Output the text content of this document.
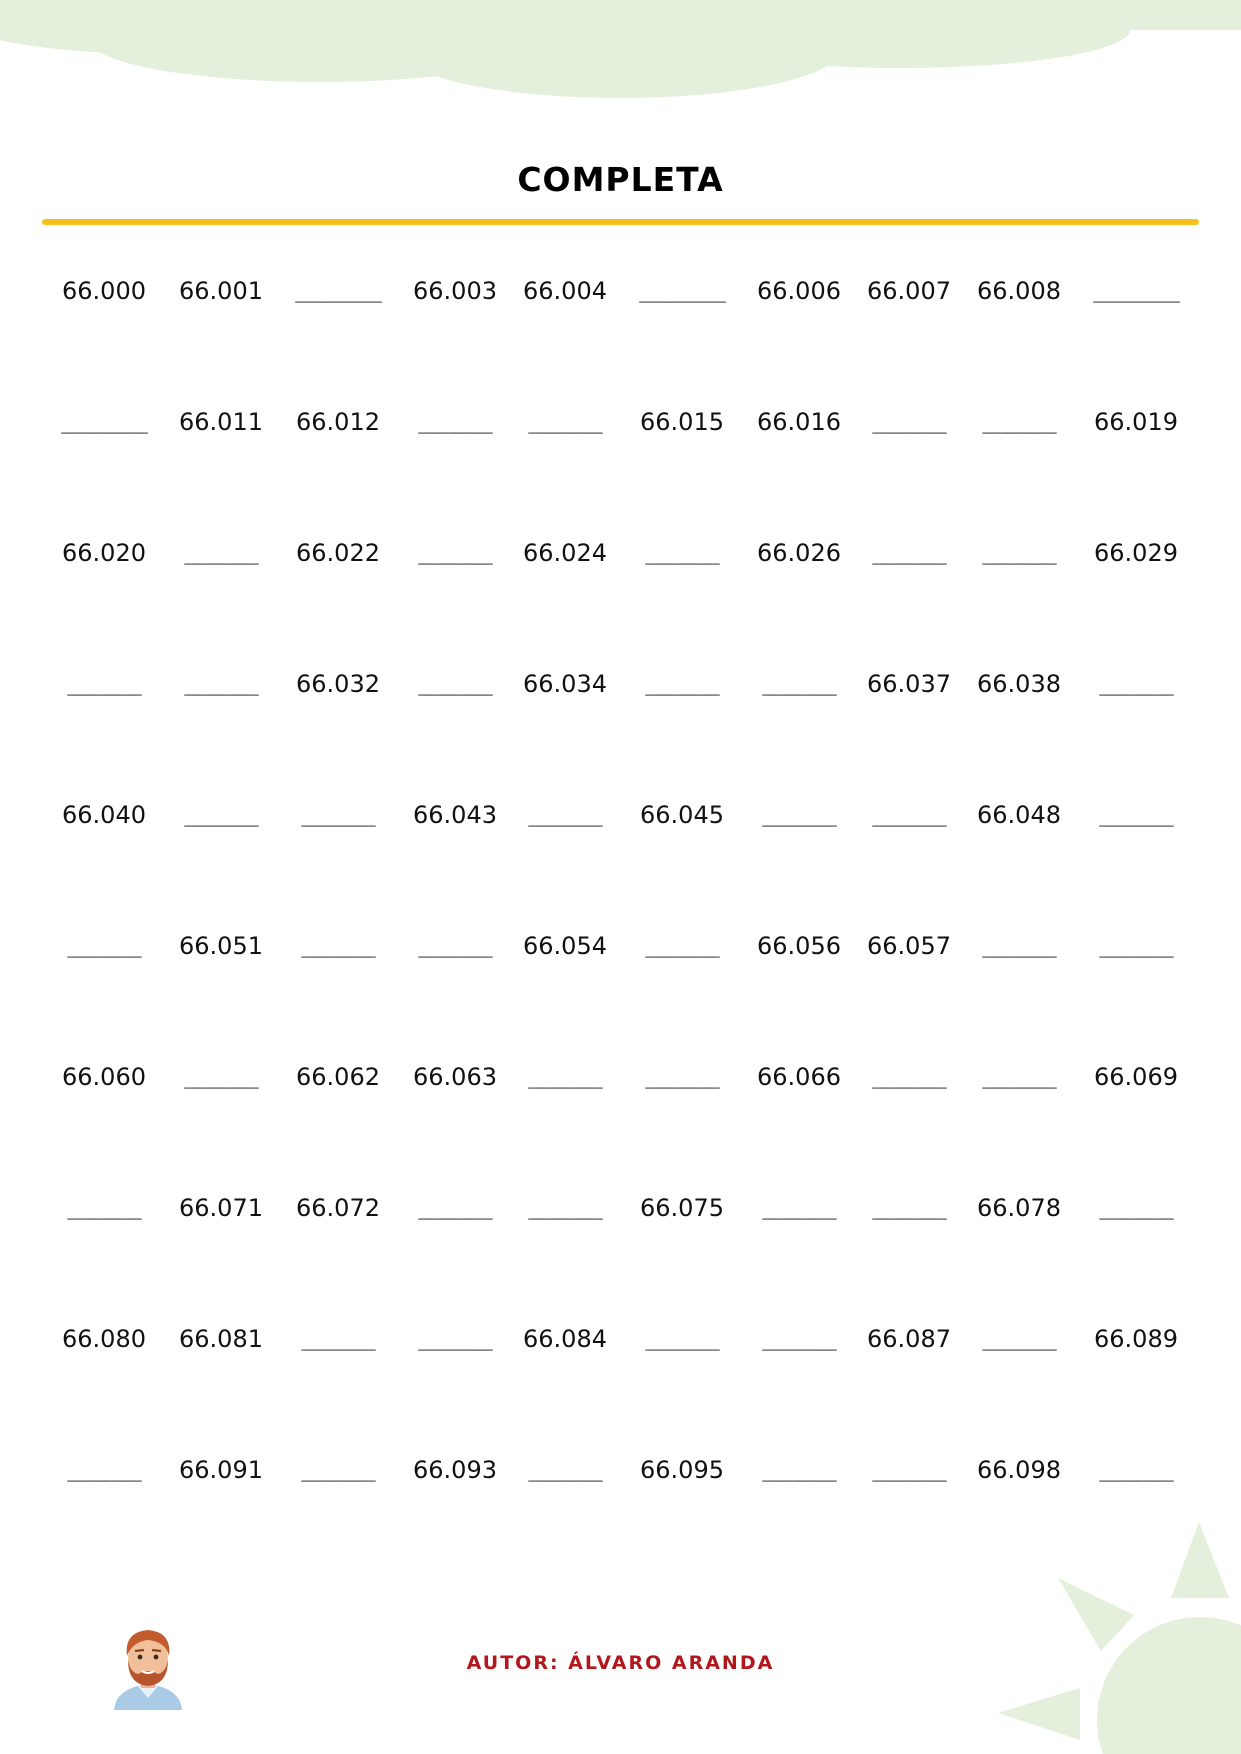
COMPLETA
66.000	66.001	_______	66.003	66.004	_______	66.006	66.007	66.008	_______
_______	66.011	66.012	______	______	66.015	66.016	______	______	66.019
66.020	______	66.022	______	66.024	______	66.026	______	______	66.029
______	______	66.032	______	66.034	______	______	66.037	66.038	______
66.040	______	______	66.043	______	66.045	______	______	66.048	______
______	66.051	______	______	66.054	______	66.056	66.057	______	______
66.060	______	66.062	66.063	______	______	66.066	______	______	66.069
______	66.071	66.072	______	______	66.075	______	______	66.078	______
66.080	66.081	______	______	66.084	______	______	66.087	______	66.089
______	66.091	______	66.093	______	66.095	______	______	66.098	______
AUTOR: ÁLVARO ARANDA
